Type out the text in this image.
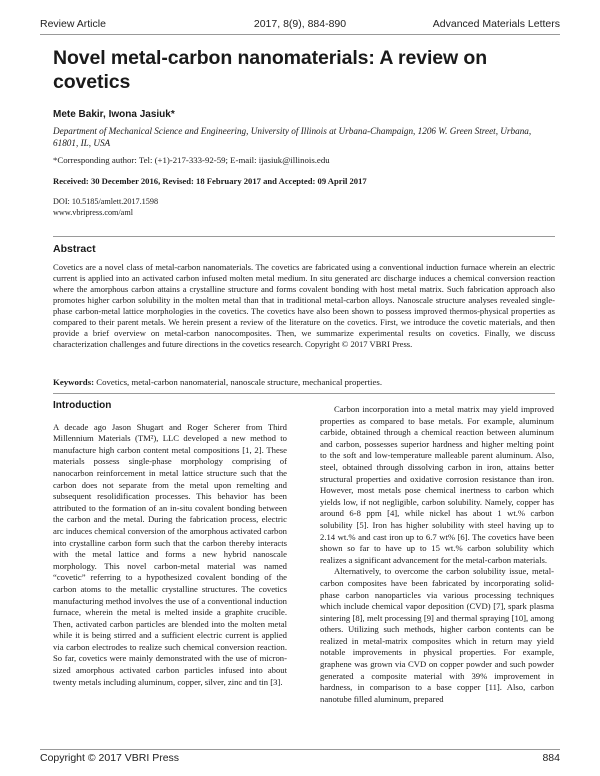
Review Article	2017, 8(9), 884-890	Advanced Materials Letters
Novel metal-carbon nanomaterials: A review on covetics
Mete Bakir, Iwona Jasiuk*
Department of Mechanical Science and Engineering, University of Illinois at Urbana-Champaign, 1206 W. Green Street, Urbana, 61801, IL, USA
*Corresponding author: Tel: (+1)-217-333-92-59; E-mail: ijasiuk@illinois.edu
Received: 30 December 2016, Revised: 18 February 2017 and Accepted: 09 April 2017
DOI: 10.5185/amlett.2017.1598
www.vbripress.com/aml
Abstract
Covetics are a novel class of metal-carbon nanomaterials. The covetics are fabricated using a conventional induction furnace wherein an electric current is applied into an activated carbon infused molten metal medium. In situ generated arc discharge induces a chemical conversion reaction where the amorphous carbon attains a crystalline structure and forms covalent bonding with host metal matrix. Such fabrication approach also promotes higher carbon solubility in the molten metal than that in traditional metal-carbon alloys. Nanoscale structure analyses revealed single-phase carbon-metal lattice morphologies in the covetics. The covetics have also been shown to possess improved thermos-physical properties as compared to their parent metals. We herein present a review of the literature on the covetics. First, we introduce the covetic materials, and then provide a brief overview on metal-carbon nanocomposites. Then, we summarize experimental results on covetics. Finally, we discuss characterization challenges and future directions in the covetics research. Copyright © 2017 VBRI Press.
Keywords: Covetics, metal-carbon nanomaterial, nanoscale structure, mechanical properties.
Introduction

A decade ago Jason Shugart and Roger Scherer from Third Millennium Materials (TM²), LLC developed a new method to manufacture high carbon content metal compositions [1, 2]. These materials possess single-phase morphology comprising of nanocarbon reinforcement in metal lattice structure such that the carbon does not separate from the metal upon remelting and subsequent resolidification processes. This behavior has been attributed to the formation of an in-situ covalent bonding between the carbon and the metal. During the fabrication process, electric arc induces chemical conversion of the amorphous activated carbon into crystalline carbon form such that the carbon thereby interacts with the metal lattice and forms a new hybrid nanoscale morphology. This novel carbon-metal material was named “covetic” referring to a hypothesized covalent bonding of the carbon atoms to the metallic crystalline structures. The covetics manufacturing method involves the use of a conventional induction furnace, wherein the metal is melted inside a graphite crucible. Then, activated carbon particles are blended into the molten metal while it is being stirred and a sufficient electric current is applied via carbon electrodes to realize such chemical conversion reaction. So far, covetics were mainly demonstrated with the use of micron-sized amorphous activated carbon particles infused into about twenty metals including aluminum, copper, silver, zinc and tin [3].

Carbon incorporation into a metal matrix may yield improved properties as compared to base metals. For example, aluminum carbide, obtained through a chemical reaction between aluminum and carbon, possesses superior hardness and higher melting point to the soft and low-temperature malleable parent aluminum. Also, steel, obtained through dissolving carbon in iron, attains better structural properties and oxidative corrosion resistance than iron. However, most metals pose chemical inertness to carbon which yields low, if not negligible, carbon solubility. Namely, copper has around 6-8 ppm [4], while nickel has about 1 wt.% carbon solubility [5]. Iron has higher solubility with steel having up to 2.14 wt.% and cast iron up to 6.7 wt% [6]. The covetics have been shown so far to have up to 15 wt.% carbon solubility which realizes a significant advancement for the metal-carbon materials.

Alternatively, to overcome the carbon solubility issue, metal-carbon composites have been fabricated by incorporating solid-phase carbon nanoparticles via various processing techniques which include chemical vapor deposition (CVD) [7], spark plasma sintering [8], melt processing [9] and thermal spraying [10], among others. Utilizing such methods, higher carbon contents can be realized in metal-matrix composites which in return may yield notable improvements in physical properties. For example, graphene was grown via CVD on copper powder and such powder generated a composite material with 39% improvement in hardness, in comparison to a base copper [11]. Also, carbon nanotube filled aluminum, prepared

Copyright © 2017 VBRI Press	884
